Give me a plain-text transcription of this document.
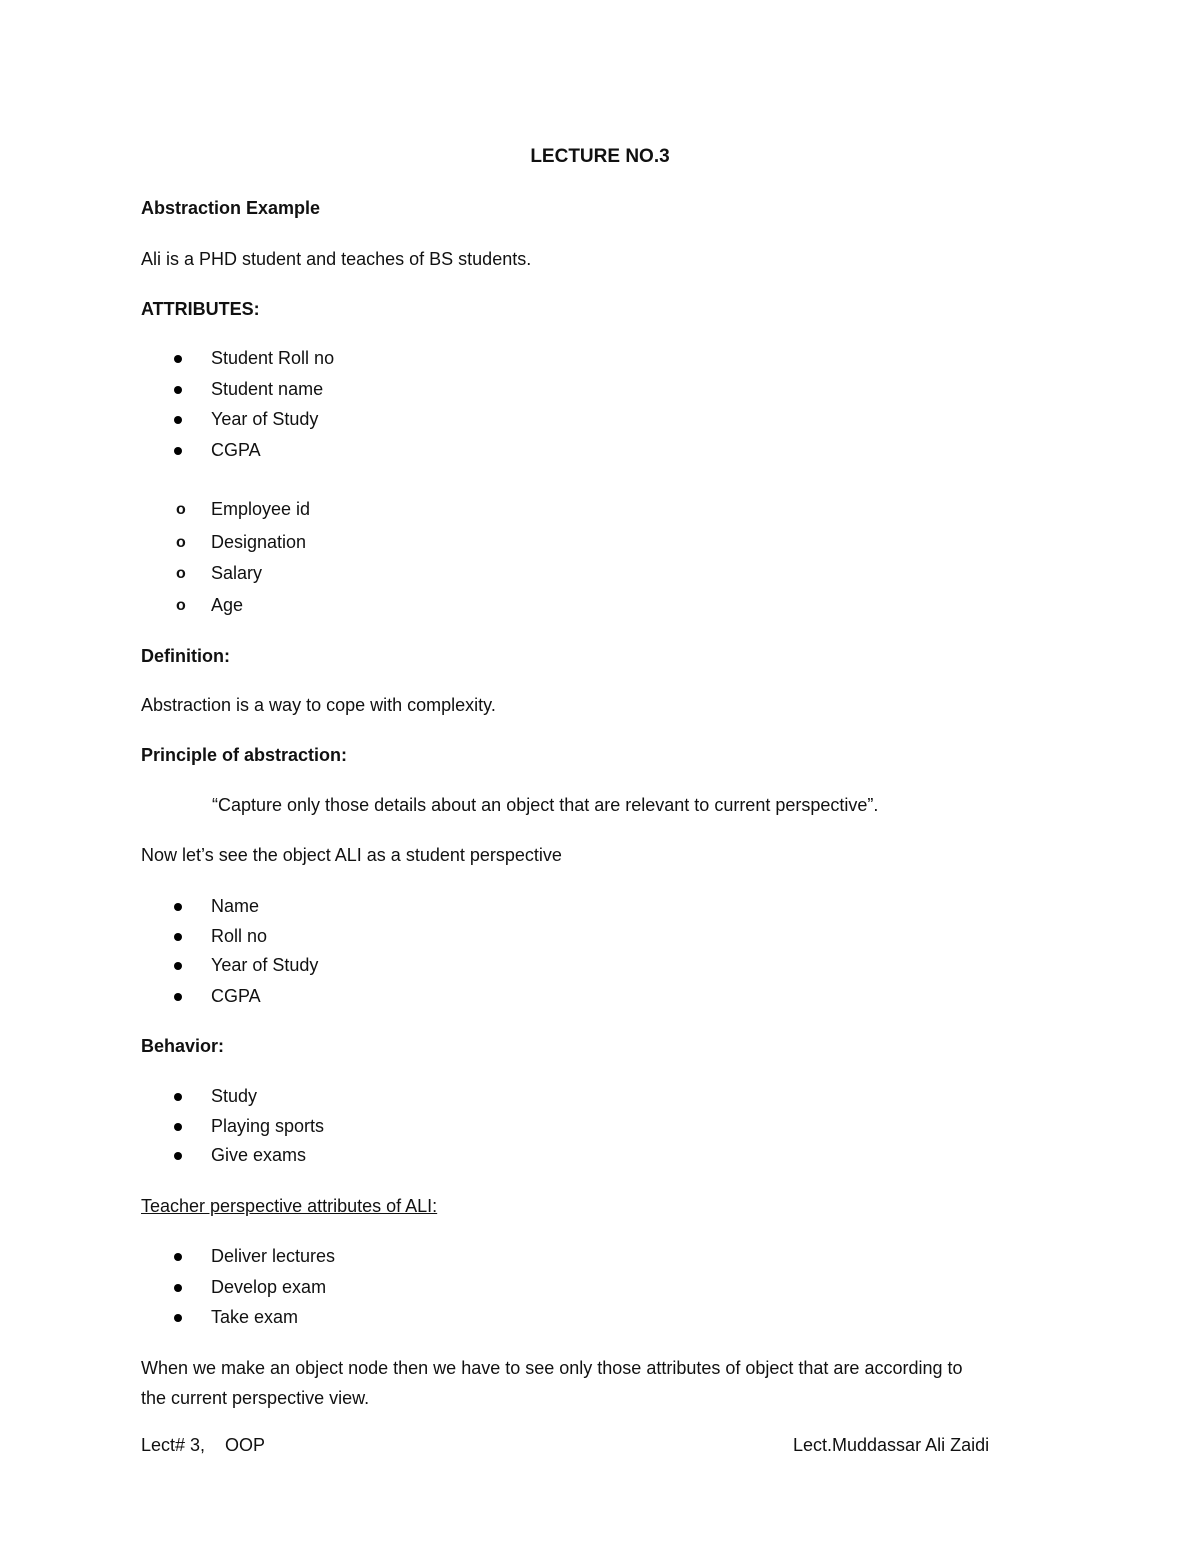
LECTURE NO.3
Abstraction Example
Ali is a PHD student and teaches of BS students.
ATTRIBUTES:
Student Roll no
Student name
Year of Study
CGPA
o Employee id
o Designation
o Salary
o Age
Definition:
Abstraction is a way to cope with complexity.
Principle of abstraction:
“Capture only those details about an object that are relevant to current perspective”.
Now let’s see the object ALI as a student perspective
Name
Roll no
Year of Study
CGPA
Behavior:
Study
Playing sports
Give exams
Teacher perspective attributes of ALI:
Deliver lectures
Develop exam
Take exam
When we make an object node then we have to see only those attributes of object that are according to
the current perspective view.
Lect# 3,    OOP	Lect.Muddassar Ali Zaidi
